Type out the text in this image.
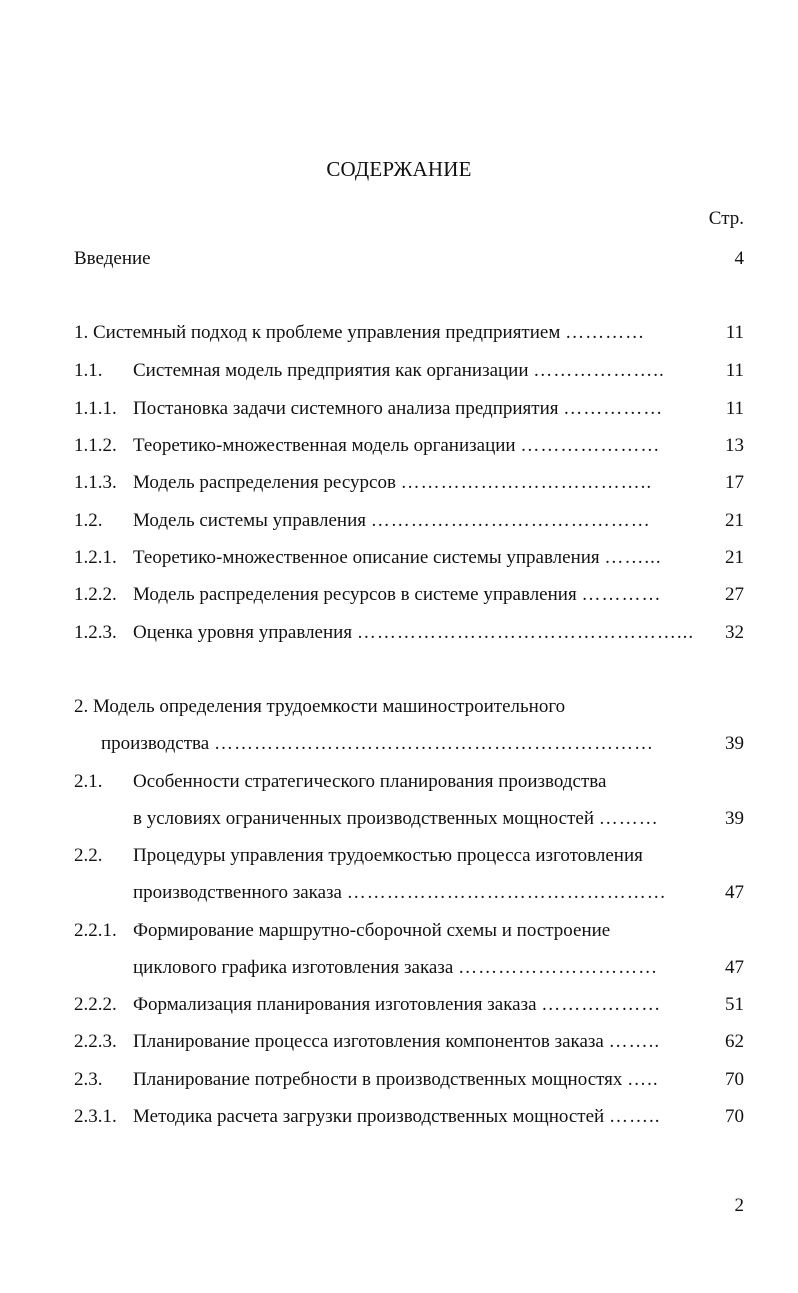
СОДЕРЖАНИЕ
Стр.
Введение	4
1. Системный подход к проблеме управления предприятием …………	11
1.1. Системная модель предприятия как организации ………………..	11
1.1.1. Постановка задачи системного анализа предприятия ……………	11
1.1.2. Теоретико-множественная модель организации …………………	13
1.1.3. Модель распределения ресурсов ………………………………..	17
1.2. Модель системы управления ……………………………………	21
1.2.1. Теоретико-множественное описание системы управления ……...	21
1.2.2. Модель распределения ресурсов в системе управления …………	27
1.2.3. Оценка уровня управления …………………………………………... 32
2. Модель определения трудоемкости машиностроительного
производства …………………………………………………………	39
2.1. Особенности стратегического планирования производства
в условиях ограниченных производственных мощностей ………	39
2.2. Процедуры управления трудоемкостью процесса изготовления
производственного заказа …………………………………………	47
2.2.1. Формирование маршрутно-сборочной схемы и построение
циклового графика изготовления заказа …………………………	47
2.2.2. Формализация планирования изготовления заказа ………………	51
2.2.3. Планирование процесса изготовления компонентов заказа ……..	62
2.3. Планирование потребности в производственных мощностях …..	70
2.3.1. Методика расчета загрузки производственных мощностей ……..	70
2
